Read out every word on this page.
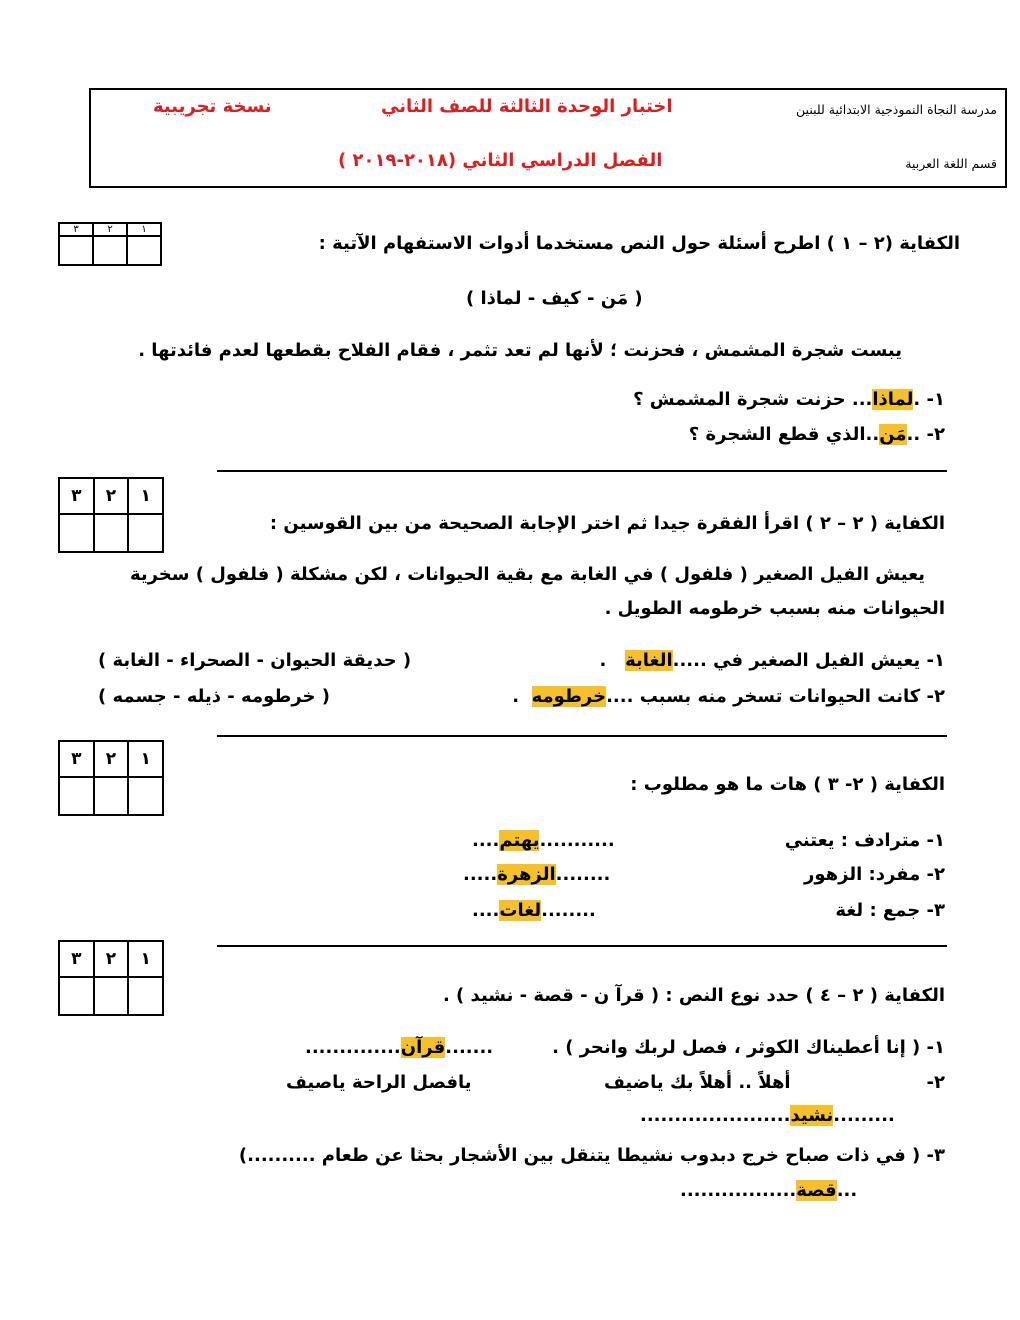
نسخة تجريبية	اختبار الوحدة الثالثة للصف الثاني	مدرسة النجاة النموذجية الابتدائية للبنين
الفصل الدراسي الثاني (٢٠١٨-٢٠١٩ )	قسم اللغة العربية
٣	٢	١

الكفاية (٢ – ١ ) اطرح أسئلة حول النص مستخدما أدوات الاستفهام الآتية :
( مَن - كيف - لماذا )
يبست شجرة المشمش ، فحزنت ؛ لأنها لم تعد تثمر ، فقام الفلاح بقطعها لعدم فائدتها .
١- .لماذا... حزنت شجرة المشمش ؟
٢- ..مَن..الذي قطع الشجرة ؟
٣	٢	١

الكفاية ( ٢ – ٢ ) اقرأ الفقرة جيدا ثم اختر الإجابة الصحيحة من بين القوسين :
يعيش الفيل الصغير ( فلفول ) في الغابة مع بقية الحيوانات ، لكن مشكلة ( فلفول ) سخرية
الحيوانات منه بسبب خرطومه الطويل .
١- يعيش الفيل الصغير في .....الغابة   .
( حديقة الحيوان - الصحراء - الغابة )
٢- كانت الحيوانات تسخر منه بسبب ....خرطومه  .
( خرطومه - ذيله - جسمه )
٣	٢	١

الكفاية ( ٢- ٣ ) هات ما هو مطلوب :
١- مترادف : يعتني
...........يهتم....
٢- مفرد: الزهور
........الزهرة.....
٣- جمع : لغة
........لغات....
٣	٢	١

الكفاية ( ٢ – ٤ ) حدد نوع النص : ( قرآ ن - قصة - نشيد ) .
١- ( إنا أعطيناك الكوثر ، فصل لربك وانحر ) .
.......قرآن..............
٢-
أهلاً .. أهلاً بك ياضيف
يافصل الراحة ياصيف
.........نشيد......................
٣- ( في ذات صباح خرج دبدوب نشيطا يتنقل بين الأشجار بحثا عن طعام ..........)
...قصة.................
